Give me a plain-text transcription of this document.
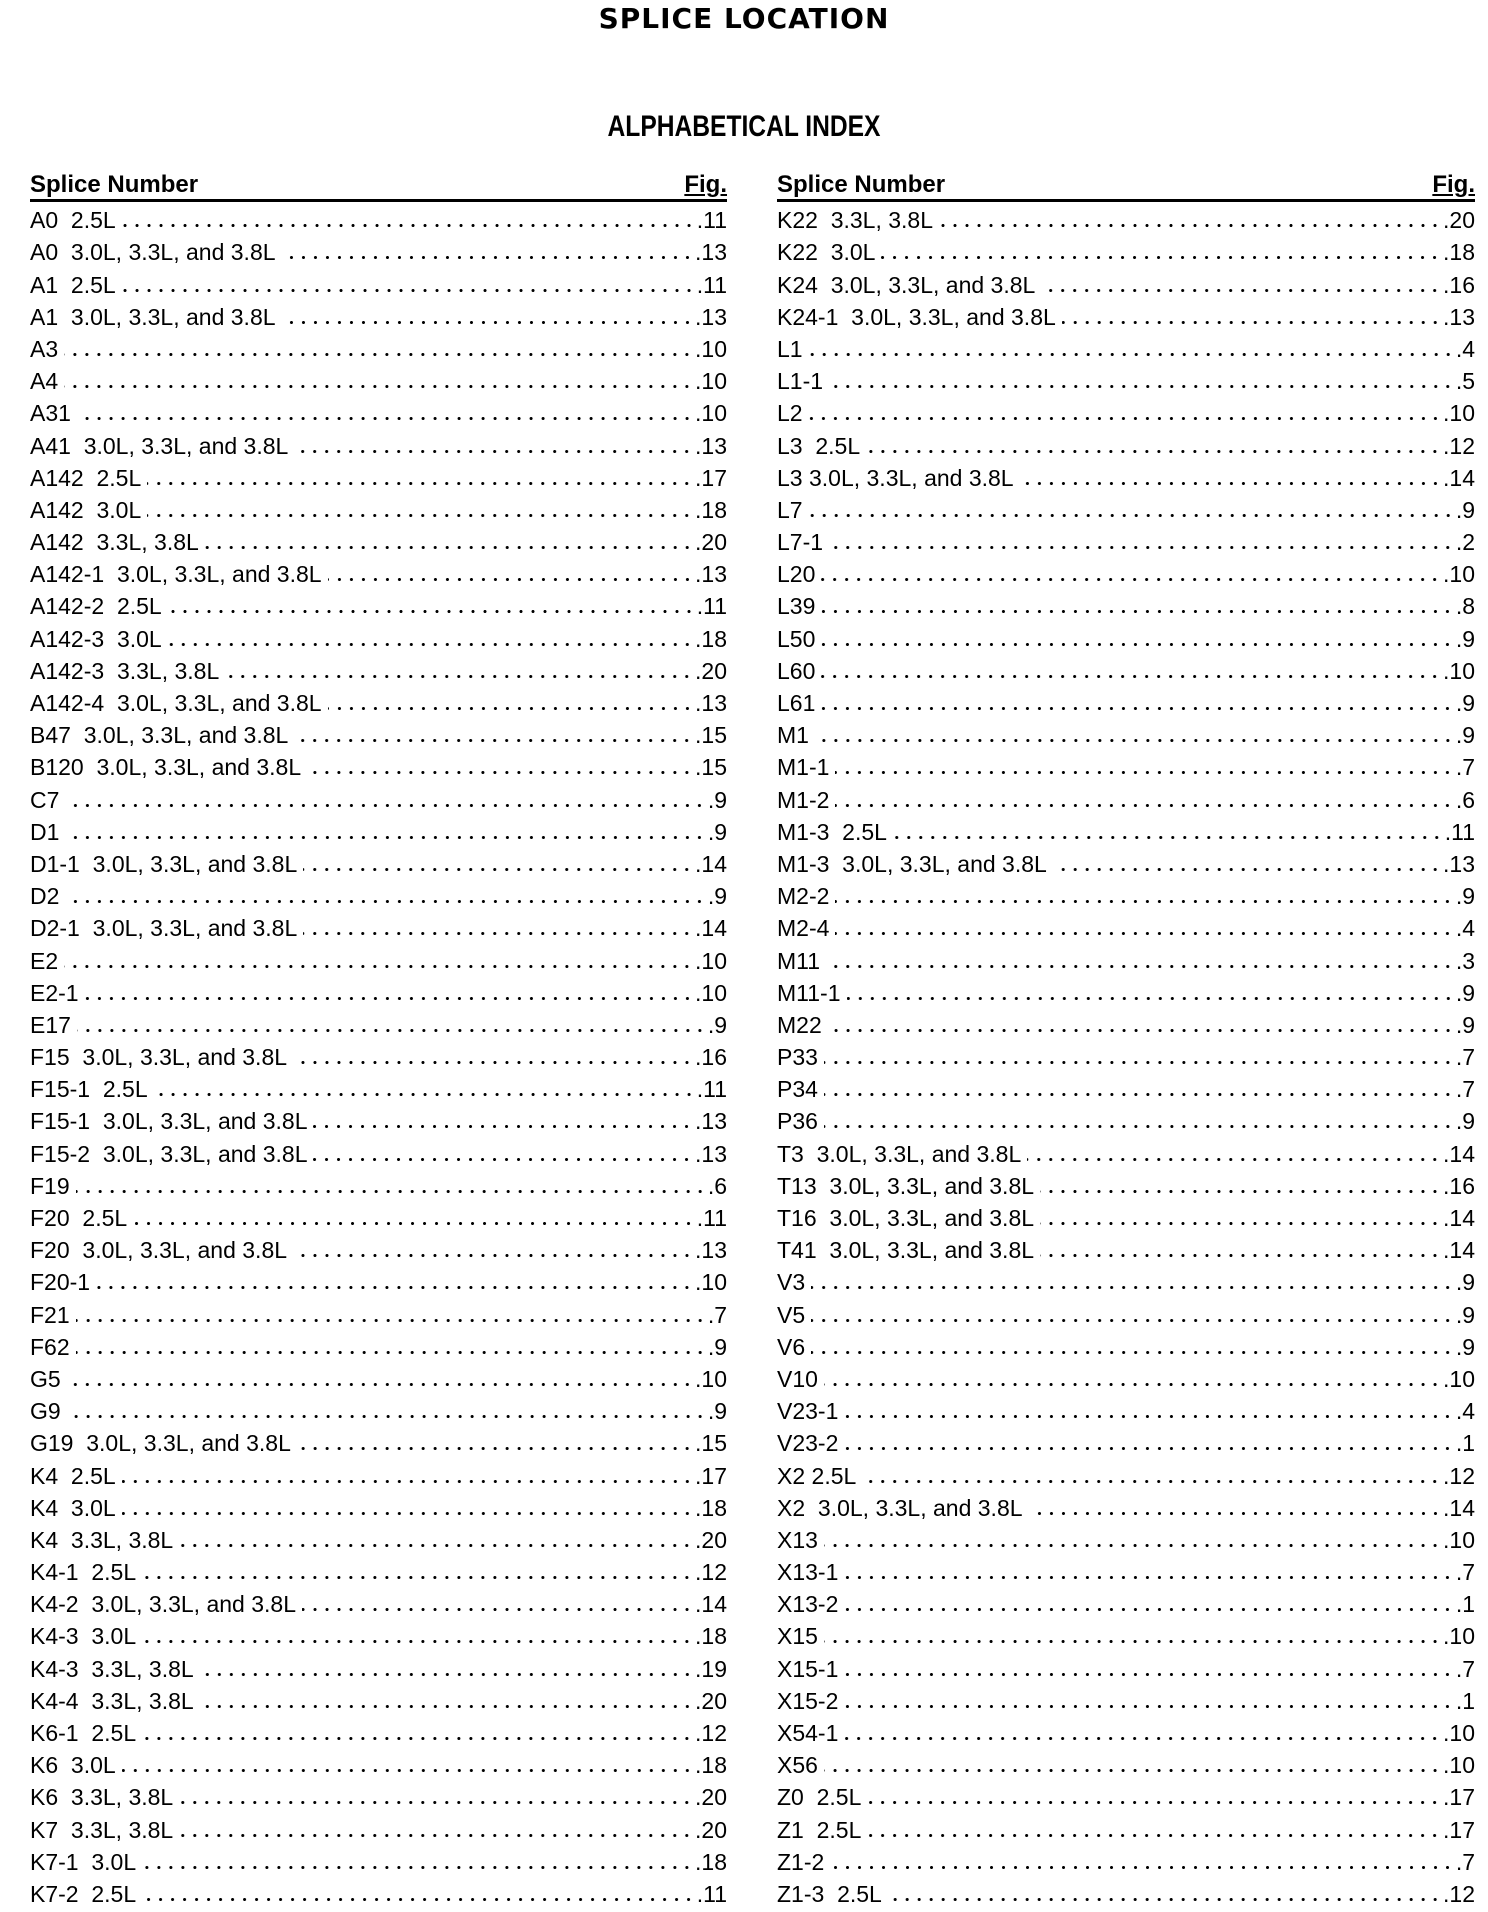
SPLICE LOCATION
ALPHABETICAL INDEX
Splice Number	Fig.
A0  2.5L	.11
A0  3.0L, 3.3L, and 3.8L	.13
A1  2.5L	.11
A1  3.0L, 3.3L, and 3.8L	.13
A3	.10
A4	.10
A31	.10
A41  3.0L, 3.3L, and 3.8L	.13
A142  2.5L	.17
A142  3.0L	.18
A142  3.3L, 3.8L	.20
A142-1  3.0L, 3.3L, and 3.8L	.13
A142-2  2.5L	.11
A142-3  3.0L	.18
A142-3  3.3L, 3.8L	.20
A142-4  3.0L, 3.3L, and 3.8L	.13
B47  3.0L, 3.3L, and 3.8L	.15
B120  3.0L, 3.3L, and 3.8L	.15
C7	.9
D1	.9
D1-1  3.0L, 3.3L, and 3.8L	.14
D2	.9
D2-1  3.0L, 3.3L, and 3.8L	.14
E2	.10
E2-1	.10
E17	.9
F15  3.0L, 3.3L, and 3.8L	.16
F15-1  2.5L	.11
F15-1  3.0L, 3.3L, and 3.8L	.13
F15-2  3.0L, 3.3L, and 3.8L	.13
F19	.6
F20  2.5L	.11
F20  3.0L, 3.3L, and 3.8L	.13
F20-1	.10
F21	.7
F62	.9
G5	.10
G9	.9
G19  3.0L, 3.3L, and 3.8L	.15
K4  2.5L	.17
K4  3.0L	.18
K4  3.3L, 3.8L	.20
K4-1  2.5L	.12
K4-2  3.0L, 3.3L, and 3.8L	.14
K4-3  3.0L	.18
K4-3  3.3L, 3.8L	.19
K4-4  3.3L, 3.8L	.20
K6-1  2.5L	.12
K6  3.0L	.18
K6  3.3L, 3.8L	.20
K7  3.3L, 3.8L	.20
K7-1  3.0L	.18
K7-2  2.5L	.11
Splice Number	Fig.
K22  3.3L, 3.8L	.20
K22  3.0L	.18
K24  3.0L, 3.3L, and 3.8L	.16
K24-1  3.0L, 3.3L, and 3.8L	.13
L1	.4
L1-1	.5
L2	.10
L3  2.5L	.12
L3 3.0L, 3.3L, and 3.8L	.14
L7	.9
L7-1	.2
L20	.10
L39	.8
L50	.9
L60	.10
L61	.9
M1	.9
M1-1	.7
M1-2	.6
M1-3  2.5L	.11
M1-3  3.0L, 3.3L, and 3.8L	.13
M2-2	.9
M2-4	.4
M11	.3
M11-1	.9
M22	.9
P33	.7
P34	.7
P36	.9
T3  3.0L, 3.3L, and 3.8L	.14
T13  3.0L, 3.3L, and 3.8L	.16
T16  3.0L, 3.3L, and 3.8L	.14
T41  3.0L, 3.3L, and 3.8L	.14
V3	.9
V5	.9
V6	.9
V10	.10
V23-1	.4
V23-2	.1
X2 2.5L	.12
X2  3.0L, 3.3L, and 3.8L	.14
X13	.10
X13-1	.7
X13-2	.1
X15	.10
X15-1	.7
X15-2	.1
X54-1	.10
X56	.10
Z0  2.5L	.17
Z1  2.5L	.17
Z1-2	.7
Z1-3  2.5L	.12
